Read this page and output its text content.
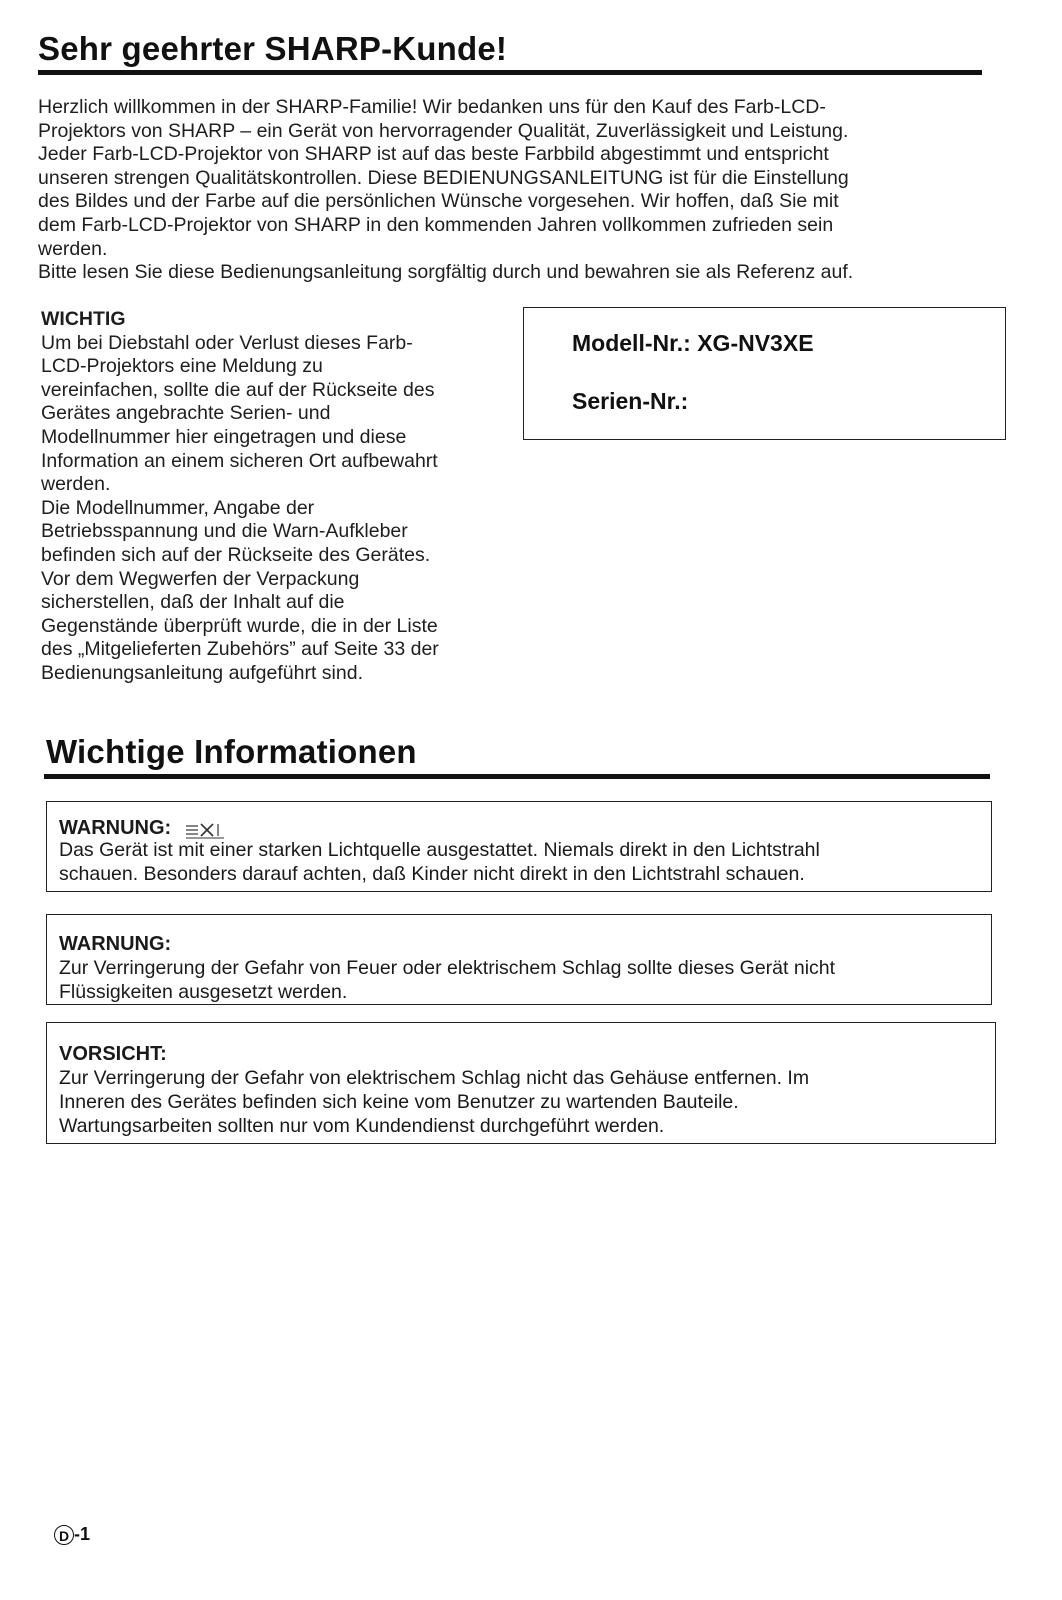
Sehr geehrter SHARP-Kunde!
Herzlich willkommen in der SHARP-Familie! Wir bedanken uns für den Kauf des Farb-LCD-
Projektors von SHARP – ein Gerät von hervorragender Qualität, Zuverlässigkeit und Leistung.
Jeder Farb-LCD-Projektor von SHARP ist auf das beste Farbbild abgestimmt und entspricht
unseren strengen Qualitätskontrollen. Diese BEDIENUNGSANLEITUNG ist für die Einstellung
des Bildes und der Farbe auf die persönlichen Wünsche vorgesehen. Wir hoffen, daß Sie mit
dem Farb-LCD-Projektor von SHARP in den kommenden Jahren vollkommen zufrieden sein
werden.
Bitte lesen Sie diese Bedienungsanleitung sorgfältig durch und bewahren sie als Referenz auf.
WICHTIG
Um bei Diebstahl oder Verlust dieses Farb-
LCD-Projektors eine Meldung zu
vereinfachen, sollte die auf der Rückseite des
Gerätes angebrachte Serien- und
Modellnummer hier eingetragen und diese
Information an einem sicheren Ort aufbewahrt
werden.
Die Modellnummer, Angabe der
Betriebsspannung und die Warn-Aufkleber
befinden sich auf der Rückseite des Gerätes.
Vor dem Wegwerfen der Verpackung
sicherstellen, daß der Inhalt auf die
Gegenstände überprüft wurde, die in der Liste
des „Mitgelieferten Zubehörs” auf Seite 33 der
Bedienungsanleitung aufgeführt sind.
Modell-Nr.: XG-NV3XE
Serien-Nr.:
Wichtige Informationen
WARNUNG:
Das Gerät ist mit einer starken Lichtquelle ausgestattet. Niemals direkt in den Lichtstrahl
schauen. Besonders darauf achten, daß Kinder nicht direkt in den Lichtstrahl schauen.
WARNUNG:
Zur Verringerung der Gefahr von Feuer oder elektrischem Schlag sollte dieses Gerät nicht
Flüssigkeiten ausgesetzt werden.
VORSICHT:
Zur Verringerung der Gefahr von elektrischem Schlag nicht das Gehäuse entfernen. Im
Inneren des Gerätes befinden sich keine vom Benutzer zu wartenden Bauteile.
Wartungsarbeiten sollten nur vom Kundendienst durchgeführt werden.
D -1
